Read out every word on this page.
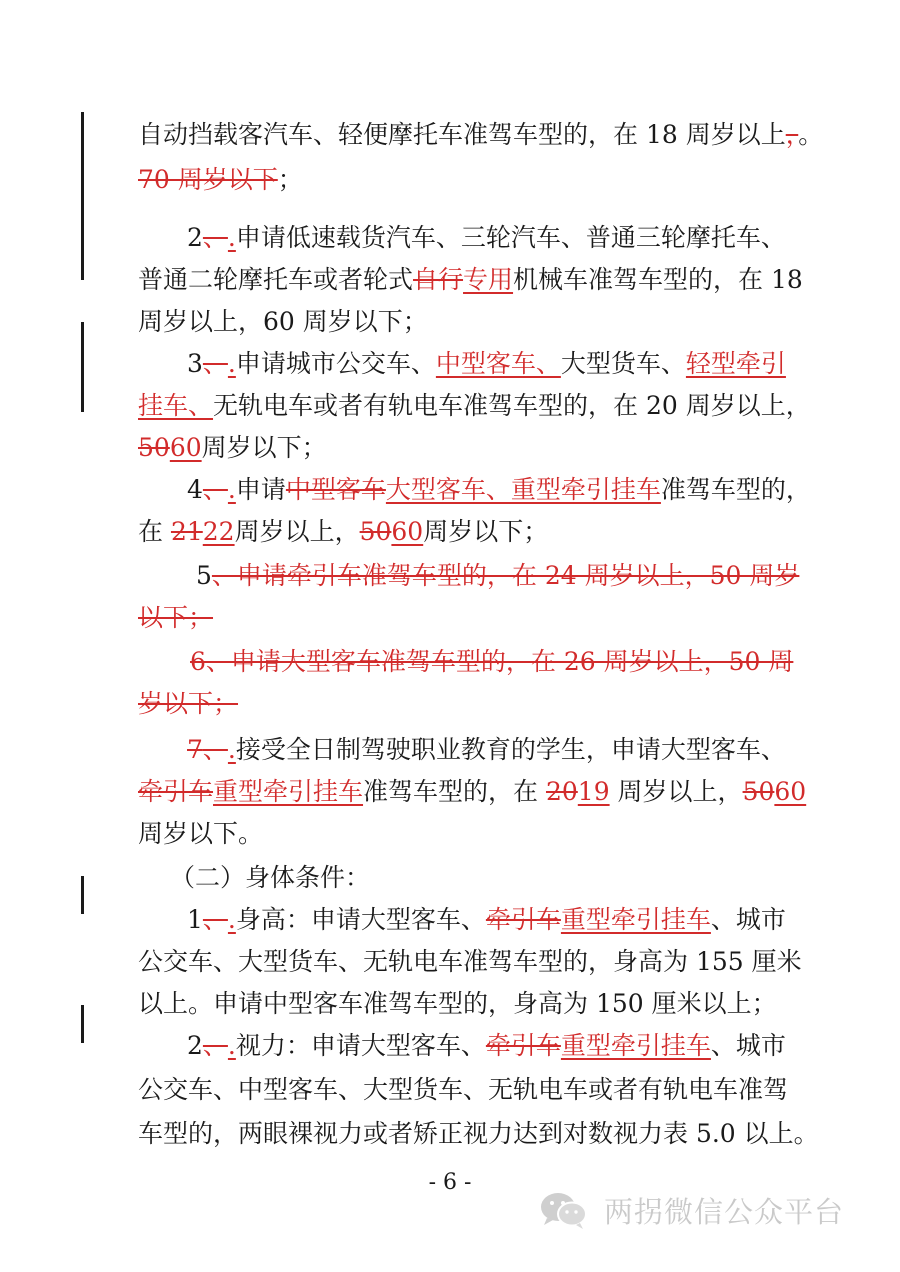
自动挡载客汽车、轻便摩托车准驾车型的，在 18 周岁以上，。
70 周岁以下；
2、.申请低速载货汽车、三轮汽车、普通三轮摩托车、
普通二轮摩托车或者轮式自行专用机械车准驾车型的，在 18
周岁以上，60 周岁以下；
3、.申请城市公交车、中型客车、大型货车、轻型牵引
挂车、无轨电车或者有轨电车准驾车型的，在 20 周岁以上，
5060周岁以下；
4、.申请中型客车大型客车、重型牵引挂车准驾车型的，
在 2122周岁以上，5060周岁以下；
5、申请牵引车准驾车型的，在 24 周岁以上，50 周岁
以下；
6、申请大型客车准驾车型的，在 26 周岁以上，50 周
岁以下；
7、.接受全日制驾驶职业教育的学生，申请大型客车、
牵引车重型牵引挂车准驾车型的，在 2019 周岁以上，5060
周岁以下。
（二）身体条件：
1、.身高：申请大型客车、牵引车重型牵引挂车、城市
公交车、大型货车、无轨电车准驾车型的，身高为 155 厘米
以上。申请中型客车准驾车型的，身高为 150 厘米以上；
2、.视力：申请大型客车、牵引车重型牵引挂车、城市
公交车、中型客车、大型货车、无轨电车或者有轨电车准驾
车型的，两眼裸视力或者矫正视力达到对数视力表 5.0 以上。
- 6 -
两拐微信公众平台
